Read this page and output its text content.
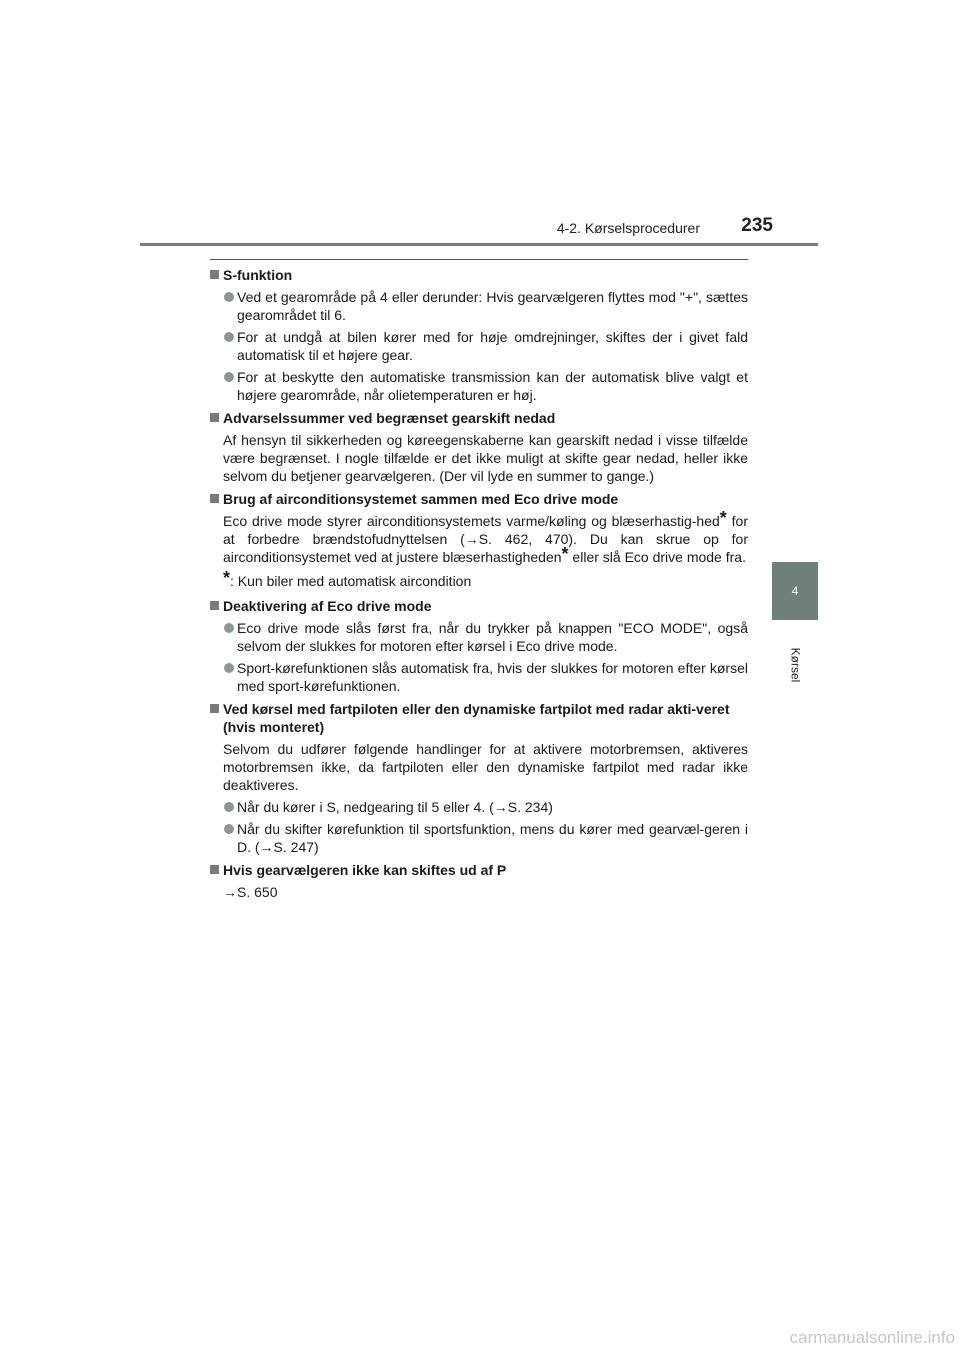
4-2. Kørselsprocedurer	235
4
Kørsel
S-funktion
Ved et gearområde på 4 eller derunder: Hvis gearvælgeren flyttes mod "+", sættes gearområdet til 6.
For at undgå at bilen kører med for høje omdrejninger, skiftes der i givet fald automatisk til et højere gear.
For at beskytte den automatiske transmission kan der automatisk blive valgt et højere gearområde, når olietemperaturen er høj.
Advarselssummer ved begrænset gearskift nedad
Af hensyn til sikkerheden og køreegenskaberne kan gearskift nedad i visse tilfælde være begrænset. I nogle tilfælde er det ikke muligt at skifte gear nedad, heller ikke selvom du betjener gearvælgeren. (Der vil lyde en summer to gange.)
Brug af airconditionsystemet sammen med Eco drive mode
Eco drive mode styrer airconditionsystemets varme/køling og blæserhastig-hed* for at forbedre brændstofudnyttelsen (→S. 462, 470). Du kan skrue op for airconditionsystemet ved at justere blæserhastigheden* eller slå Eco drive mode fra.
*: Kun biler med automatisk aircondition
Deaktivering af Eco drive mode
Eco drive mode slås først fra, når du trykker på knappen "ECO MODE", også selvom der slukkes for motoren efter kørsel i Eco drive mode.
Sport-kørefunktionen slås automatisk fra, hvis der slukkes for motoren efter kørsel med sport-kørefunktionen.
Ved kørsel med fartpiloten eller den dynamiske fartpilot med radar akti-veret (hvis monteret)
Selvom du udfører følgende handlinger for at aktivere motorbremsen, aktiveres motorbremsen ikke, da fartpiloten eller den dynamiske fartpilot med radar ikke deaktiveres.
Når du kører i S, nedgearing til 5 eller 4. (→S. 234)
Når du skifter kørefunktion til sportsfunktion, mens du kører med gearvæl-geren i D. (→S. 247)
Hvis gearvælgeren ikke kan skiftes ud af P
→S. 650
carmanualsonline.info
